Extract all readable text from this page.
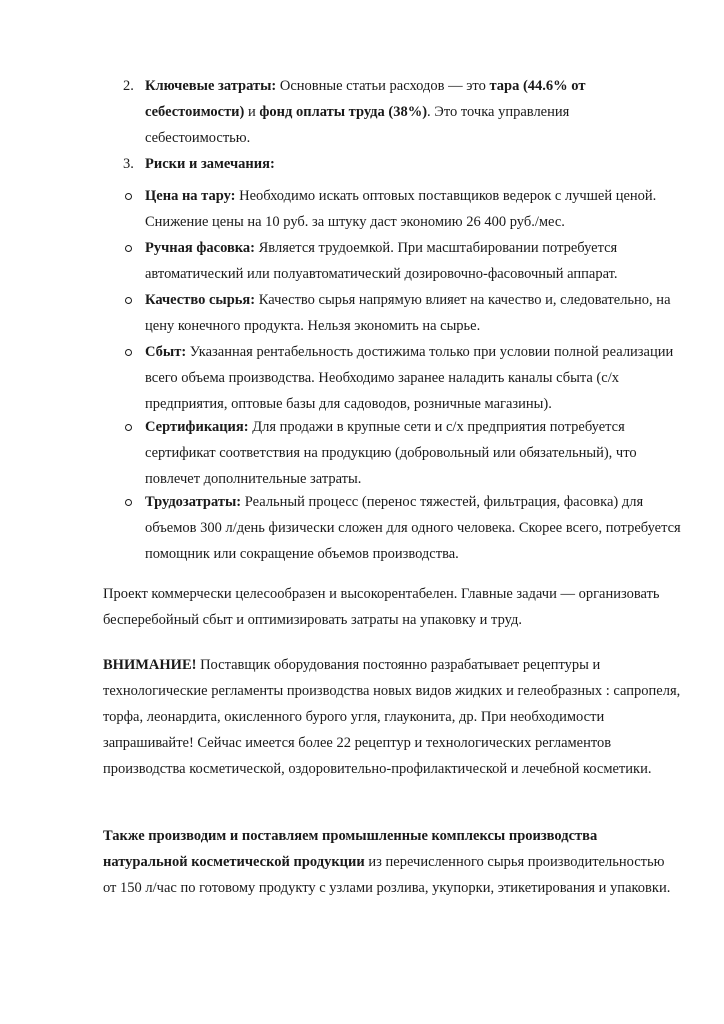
2. Ключевые затраты: Основные статьи расходов — это тара (44.6% от себестоимости) и фонд оплаты труда (38%). Это точка управления себестоимостью.

3. Риски и замечания:

Цена на тару: Необходимо искать оптовых поставщиков ведерок с лучшей ценой. Снижение цены на 10 руб. за штуку даст экономию 26 400 руб./мес.

Ручная фасовка: Является трудоемкой. При масштабировании потребуется автоматический или полуавтоматический дозировочно-фасовочный аппарат.

Качество сырья: Качество сырья напрямую влияет на качество и, следовательно, на цену конечного продукта. Нельзя экономить на сырье.

Сбыт: Указанная рентабельность достижима только при условии полной реализации всего объема производства. Необходимо заранее наладить каналы сбыта (с/х предприятия, оптовые базы для садоводов, розничные магазины).

Сертификация: Для продажи в крупные сети и с/х предприятия потребуется сертификат соответствия на продукцию (добровольный или обязательный), что повлечет дополнительные затраты.

Трудозатраты: Реальный процесс (перенос тяжестей, фильтрация, фасовка) для объемов 300 л/день физически сложен для одного человека. Скорее всего, потребуется помощник или сокращение объемов производства.

Проект коммерчески целесообразен и высокорентабелен. Главные задачи — организовать бесперебойный сбыт и оптимизировать затраты на упаковку и труд.

ВНИМАНИЕ! Поставщик оборудования постоянно разрабатывает рецептуры и технологические регламенты производства новых видов жидких и гелеобразных : сапропеля, торфа, леонардита, окисленного бурого угля, глауконита, др. При необходимости запрашивайте! Сейчас имеется более 22 рецептур и технологических регламентов производства косметической, оздоровительно-профилактической и лечебной косметики.

Также производим и поставляем промышленные комплексы производства натуральной косметической продукции из перечисленного сырья производительностью от 150 л/час по готовому продукту с узлами розлива, укупорки, этикетирования и упаковки.
